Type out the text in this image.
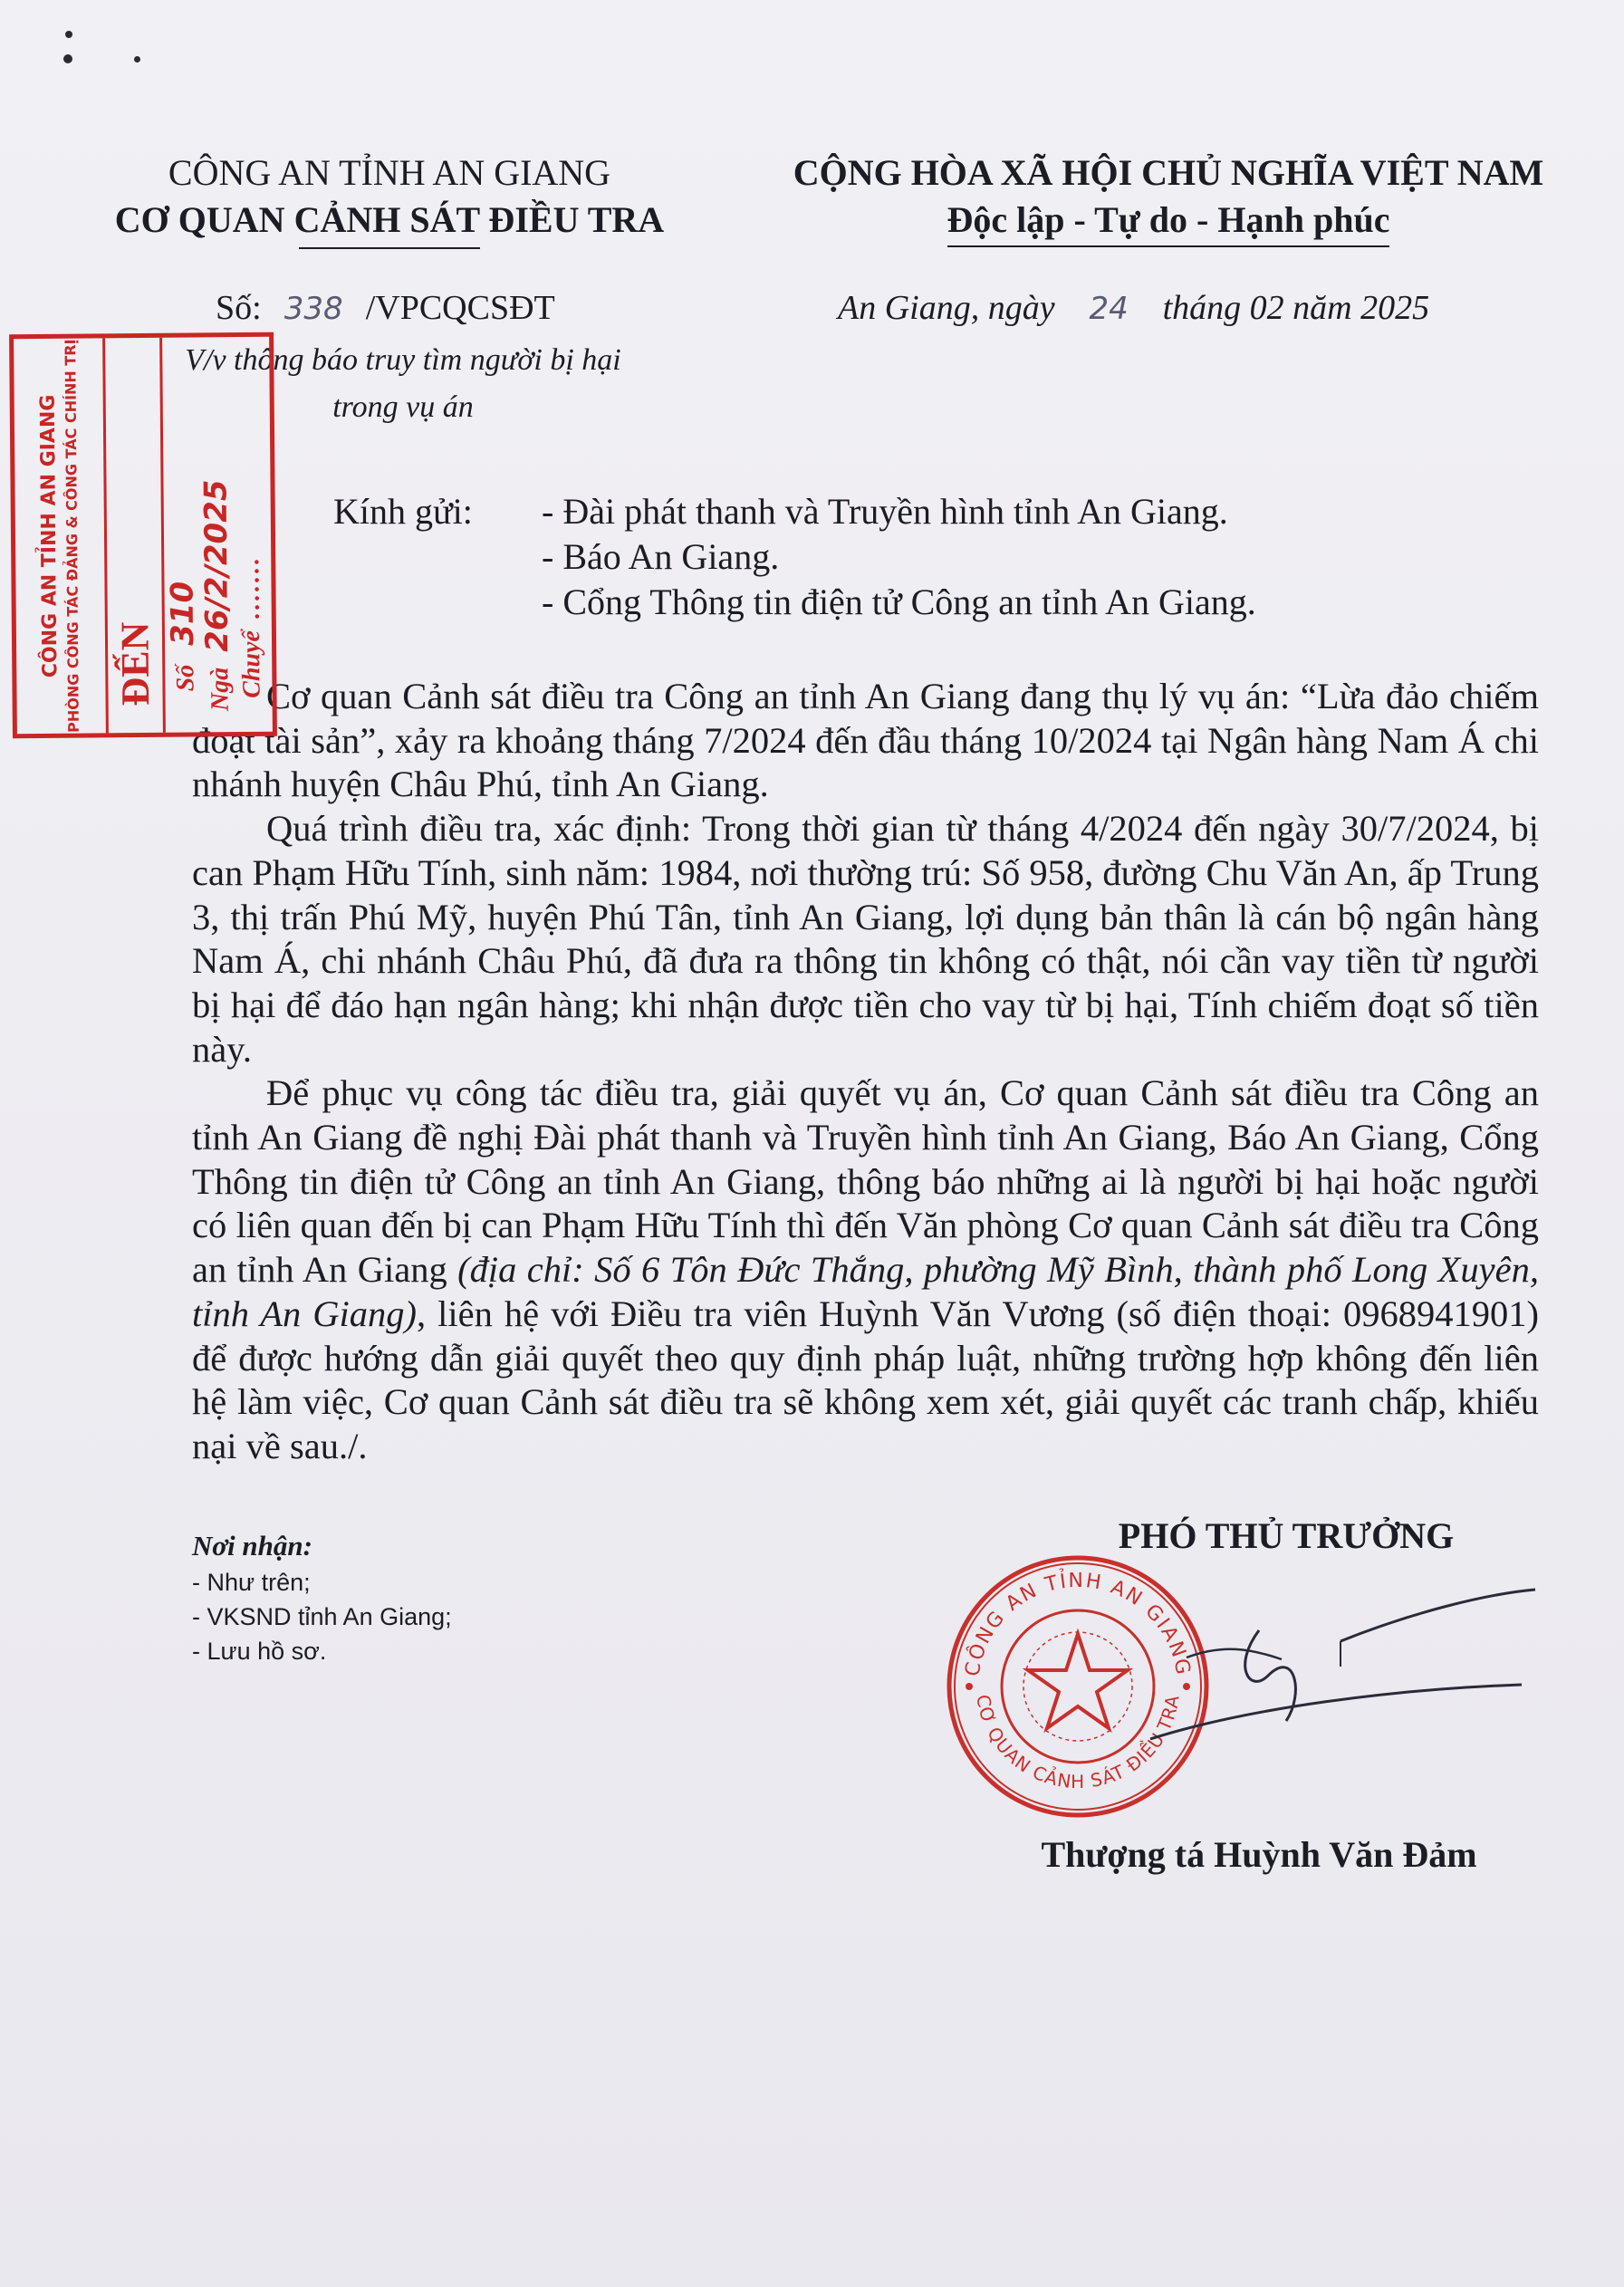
CÔNG AN TỈNH AN GIANG
CƠ QUAN CẢNH SÁT ĐIỀU TRA
CỘNG HÒA XÃ HỘI CHỦ NGHĨA VIỆT NAM
Độc lập - Tự do - Hạnh phúc
Số: 338 /VPCQCSĐT	An Giang, ngày 24 tháng 02 năm 2025
V/v thông báo truy tìm người bị hại
trong vụ án
Kính gửi: - Đài phát thanh và Truyền hình tỉnh An Giang.
- Báo An Giang.
- Cổng Thông tin điện tử Công an tỉnh An Giang.

Cơ quan Cảnh sát điều tra Công an tỉnh An Giang đang thụ lý vụ án: “Lừa đảo chiếm đoạt tài sản”, xảy ra khoảng tháng 7/2024 đến đầu tháng 10/2024 tại Ngân hàng Nam Á chi nhánh huyện Châu Phú, tỉnh An Giang.

Quá trình điều tra, xác định: Trong thời gian từ tháng 4/2024 đến ngày 30/7/2024, bị can Phạm Hữu Tính, sinh năm: 1984, nơi thường trú: Số 958, đường Chu Văn An, ấp Trung 3, thị trấn Phú Mỹ, huyện Phú Tân, tỉnh An Giang, lợi dụng bản thân là cán bộ ngân hàng Nam Á, chi nhánh Châu Phú, đã đưa ra thông tin không có thật, nói cần vay tiền từ người bị hại để đáo hạn ngân hàng; khi nhận được tiền cho vay từ bị hại, Tính chiếm đoạt số tiền này.

Để phục vụ công tác điều tra, giải quyết vụ án, Cơ quan Cảnh sát điều tra Công an tỉnh An Giang đề nghị Đài phát thanh và Truyền hình tỉnh An Giang, Báo An Giang, Cổng Thông tin điện tử Công an tỉnh An Giang, thông báo những ai là người bị hại hoặc người có liên quan đến bị can Phạm Hữu Tính thì đến Văn phòng Cơ quan Cảnh sát điều tra Công an tỉnh An Giang (địa chỉ: Số 6 Tôn Đức Thắng, phường Mỹ Bình, thành phố Long Xuyên, tỉnh An Giang), liên hệ với Điều tra viên Huỳnh Văn Vương (số điện thoại: 0968941901) để được hướng dẫn giải quyết theo quy định pháp luật, những trường hợp không đến liên hệ làm việc, Cơ quan Cảnh sát điều tra sẽ không xem xét, giải quyết các tranh chấp, khiếu nại về sau./.

Nơi nhận:
- Như trên;
- VKSND tỉnh An Giang;
- Lưu hồ sơ.
PHÓ THỦ TRƯỞNG
CÔNG AN TỈNH AN GIANG
CƠ QUAN CẢNH SÁT ĐIỀU TRA
Thượng tá Huỳnh Văn Đảm
CÔNG AN TỈNH AN GIANG PHÒNG CÔNG TÁC ĐẢNG & CÔNG TÁC CHÍNH TRỊ ĐẾN Số 310
Ngà 26/2/2025
Chuyể .......
